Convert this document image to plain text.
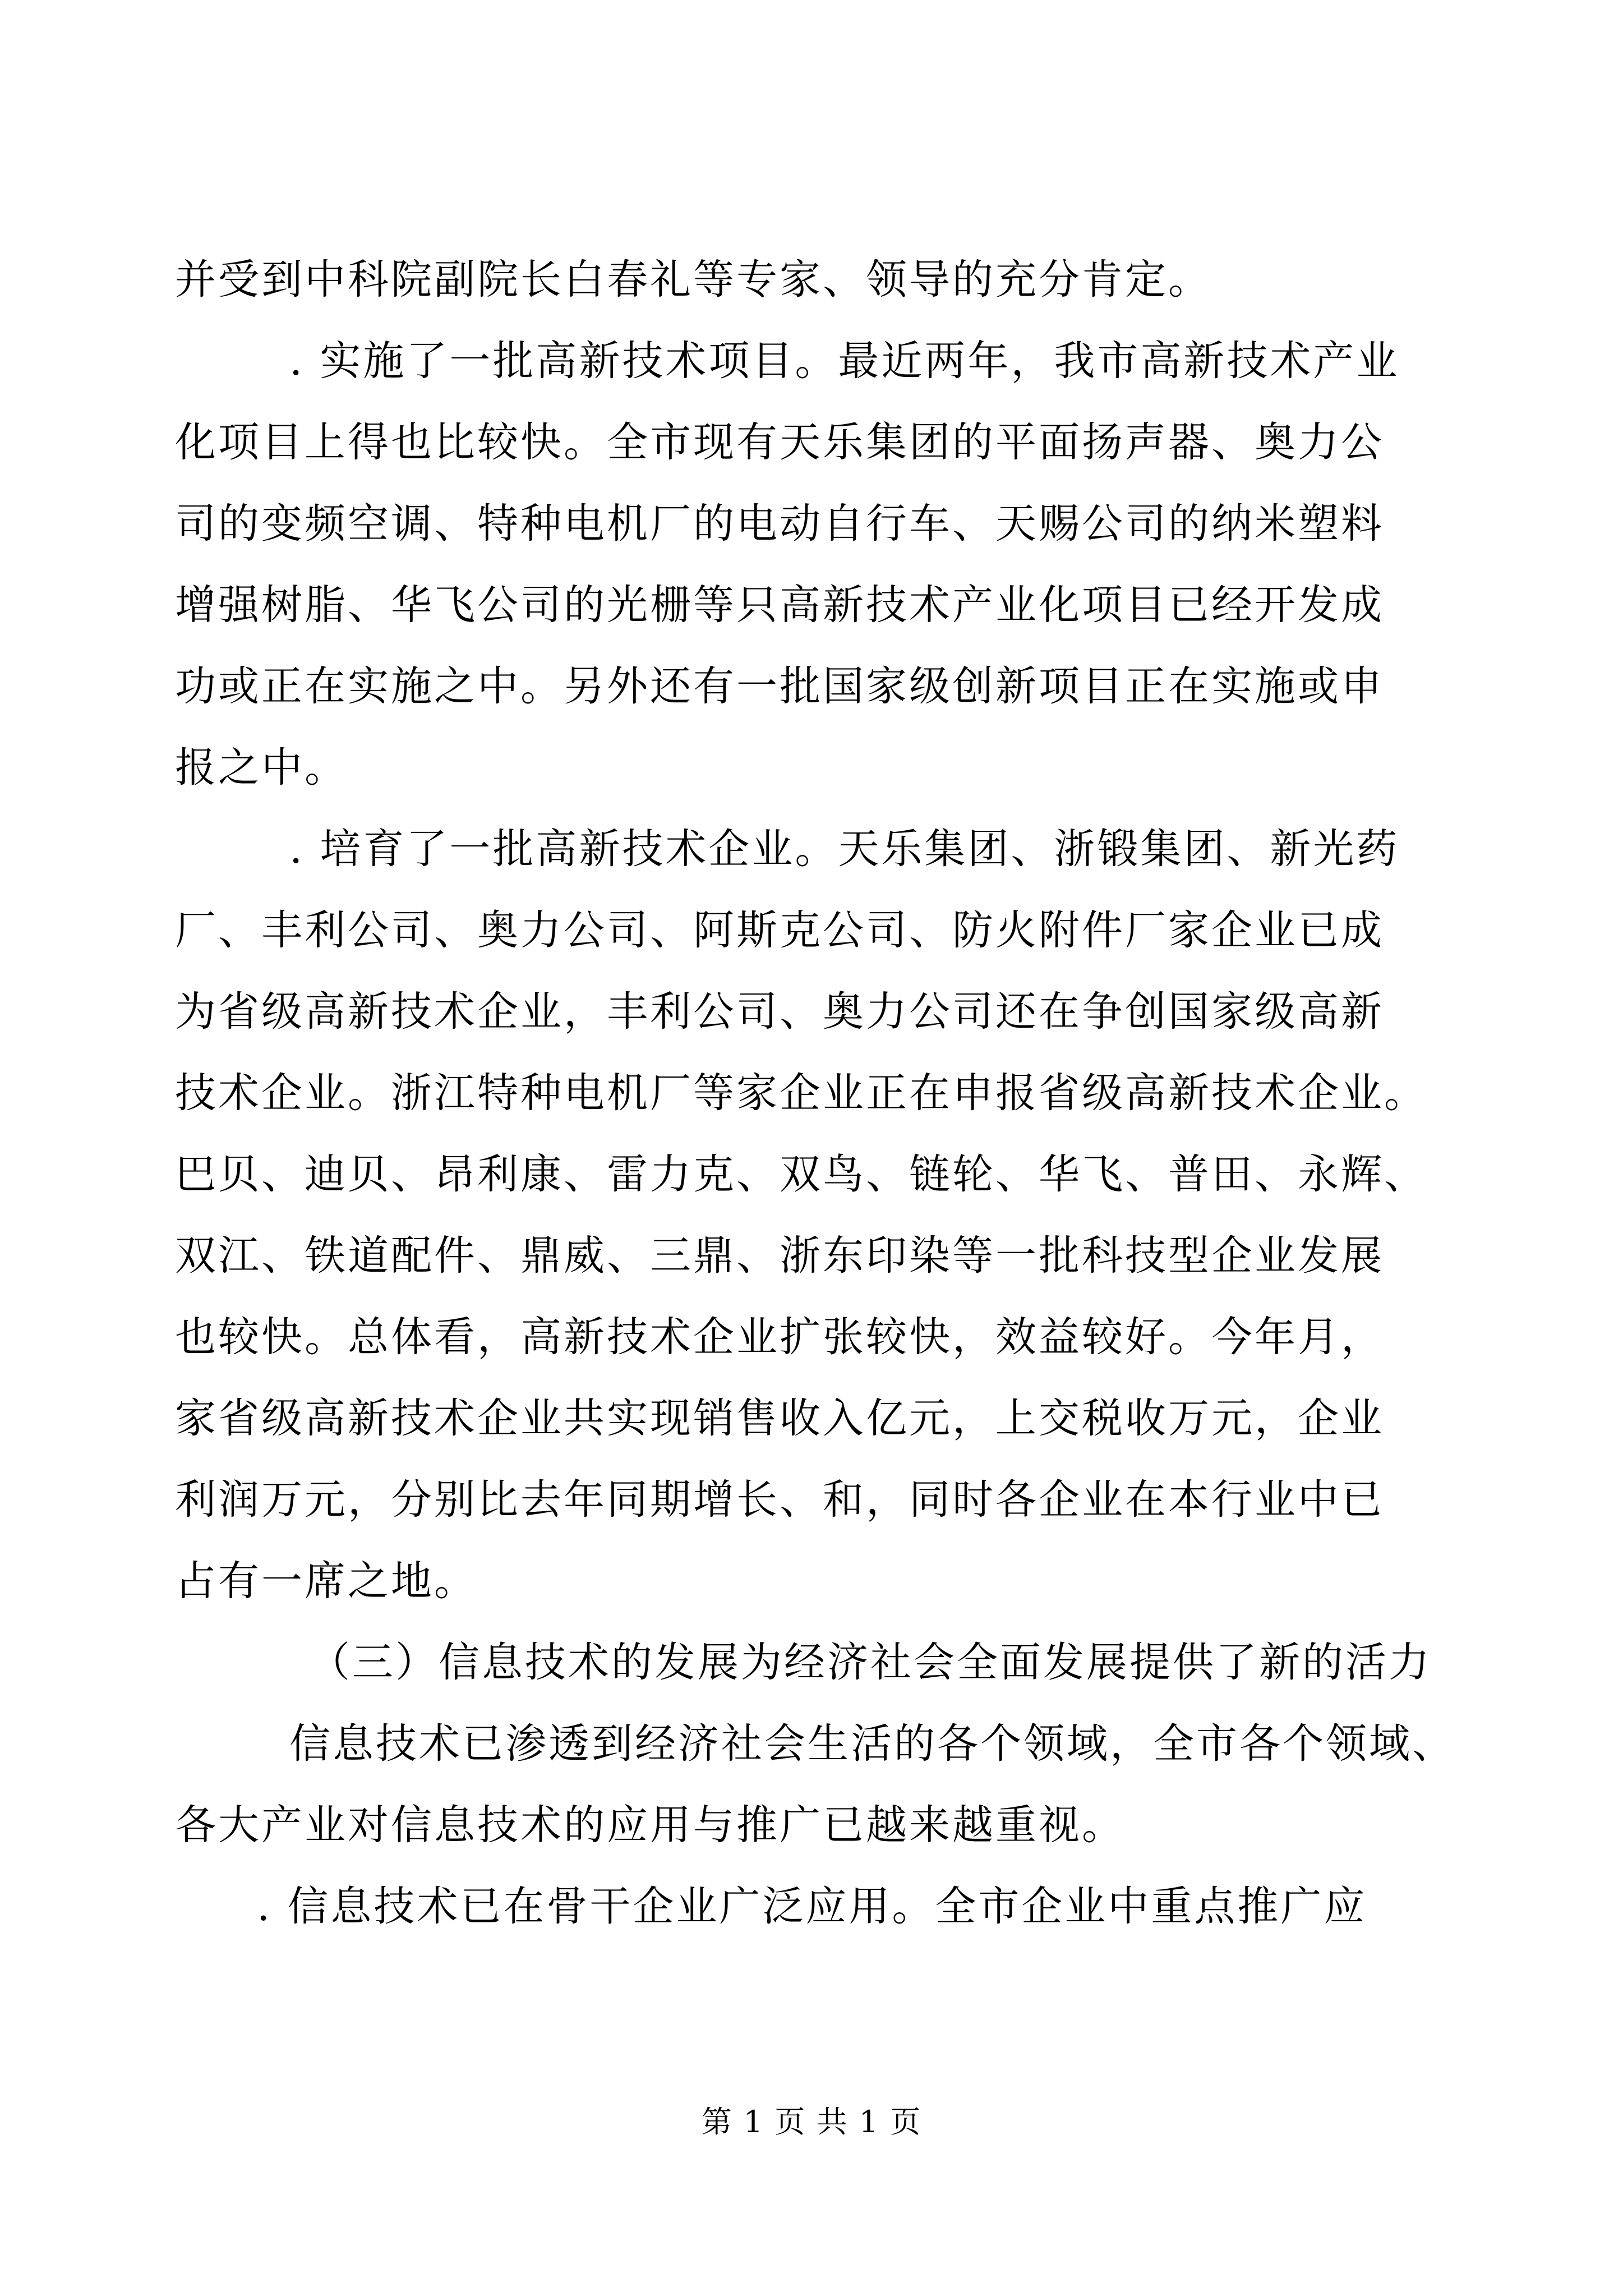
并受到中科院副院长白春礼等专家、领导的充分肯定。
. 实施了一批高新技术项目。最近两年，我市高新技术产业
化项目上得也比较快。全市现有天乐集团的平面扬声器、奥力公
司的变频空调、特种电机厂的电动自行车、天赐公司的纳米塑料
增强树脂、华飞公司的光栅等只高新技术产业化项目已经开发成
功或正在实施之中。另外还有一批国家级创新项目正在实施或申
报之中。
. 培育了一批高新技术企业。天乐集团、浙锻集团、新光药
厂、丰利公司、奥力公司、阿斯克公司、防火附件厂家企业已成
为省级高新技术企业，丰利公司、奥力公司还在争创国家级高新
技术企业。浙江特种电机厂等家企业正在申报省级高新技术企业。
巴贝、迪贝、昂利康、雷力克、双鸟、链轮、华飞、普田、永辉、
双江、铁道配件、鼎威、三鼎、浙东印染等一批科技型企业发展
也较快。总体看，高新技术企业扩张较快，效益较好。今年月，
家省级高新技术企业共实现销售收入亿元，上交税收万元，企业
利润万元，分别比去年同期增长、和，同时各企业在本行业中已
占有一席之地。
（三）信息技术的发展为经济社会全面发展提供了新的活力
信息技术已渗透到经济社会生活的各个领域，全市各个领域、
各大产业对信息技术的应用与推广已越来越重视。
. 信息技术已在骨干企业广泛应用。全市企业中重点推广应
第 1 页 共 1 页
